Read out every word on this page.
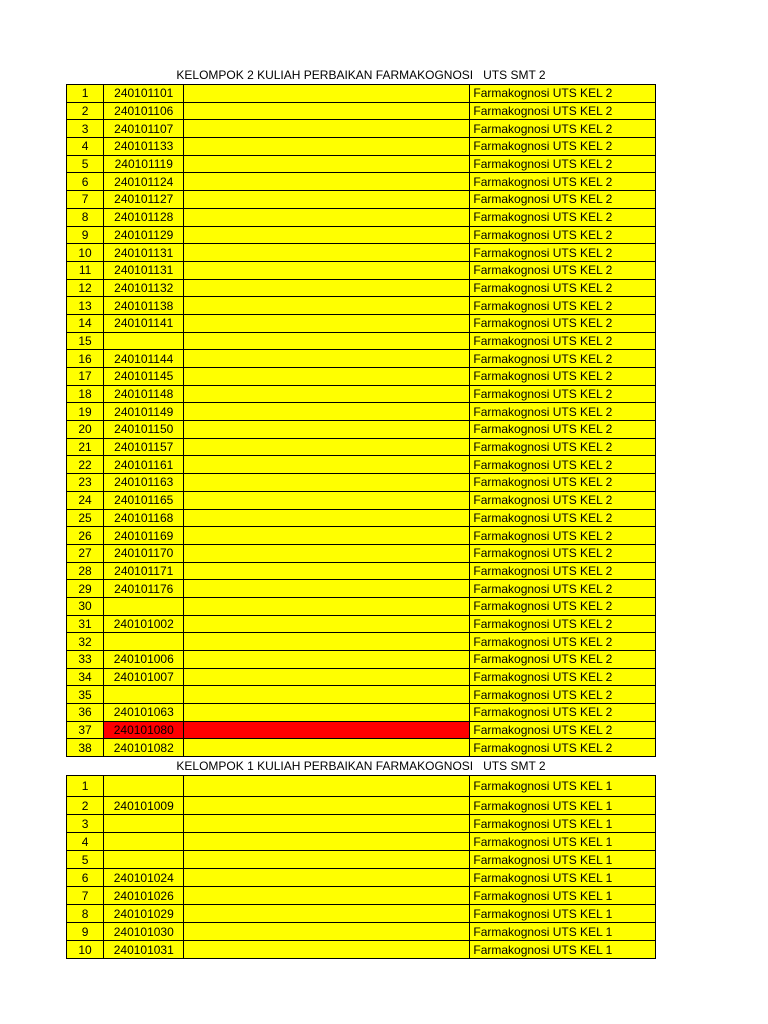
KELOMPOK 2 KULIAH PERBAIKAN FARMAKOGNOSI   UTS SMT 2
1	240101101		Farmakognosi UTS KEL 2
2	240101106		Farmakognosi UTS KEL 2
3	240101107		Farmakognosi UTS KEL 2
4	240101133		Farmakognosi UTS KEL 2
5	240101119		Farmakognosi UTS KEL 2
6	240101124		Farmakognosi UTS KEL 2
7	240101127		Farmakognosi UTS KEL 2
8	240101128		Farmakognosi UTS KEL 2
9	240101129		Farmakognosi UTS KEL 2
10	240101131		Farmakognosi UTS KEL 2
11	240101131		Farmakognosi UTS KEL 2
12	240101132		Farmakognosi UTS KEL 2
13	240101138		Farmakognosi UTS KEL 2
14	240101141		Farmakognosi UTS KEL 2
15			Farmakognosi UTS KEL 2
16	240101144		Farmakognosi UTS KEL 2
17	240101145		Farmakognosi UTS KEL 2
18	240101148		Farmakognosi UTS KEL 2
19	240101149		Farmakognosi UTS KEL 2
20	240101150		Farmakognosi UTS KEL 2
21	240101157		Farmakognosi UTS KEL 2
22	240101161		Farmakognosi UTS KEL 2
23	240101163		Farmakognosi UTS KEL 2
24	240101165		Farmakognosi UTS KEL 2
25	240101168		Farmakognosi UTS KEL 2
26	240101169		Farmakognosi UTS KEL 2
27	240101170		Farmakognosi UTS KEL 2
28	240101171		Farmakognosi UTS KEL 2
29	240101176		Farmakognosi UTS KEL 2
30			Farmakognosi UTS KEL 2
31	240101002		Farmakognosi UTS KEL 2
32			Farmakognosi UTS KEL 2
33	240101006		Farmakognosi UTS KEL 2
34	240101007		Farmakognosi UTS KEL 2
35			Farmakognosi UTS KEL 2
36	240101063		Farmakognosi UTS KEL 2
37	240101080		Farmakognosi UTS KEL 2
38	240101082		Farmakognosi UTS KEL 2
KELOMPOK 1 KULIAH PERBAIKAN FARMAKOGNOSI   UTS SMT 2
1			Farmakognosi UTS KEL 1
2	240101009		Farmakognosi UTS KEL 1
3			Farmakognosi UTS KEL 1
4			Farmakognosi UTS KEL 1
5			Farmakognosi UTS KEL 1
6	240101024		Farmakognosi UTS KEL 1
7	240101026		Farmakognosi UTS KEL 1
8	240101029		Farmakognosi UTS KEL 1
9	240101030		Farmakognosi UTS KEL 1
10	240101031		Farmakognosi UTS KEL 1
